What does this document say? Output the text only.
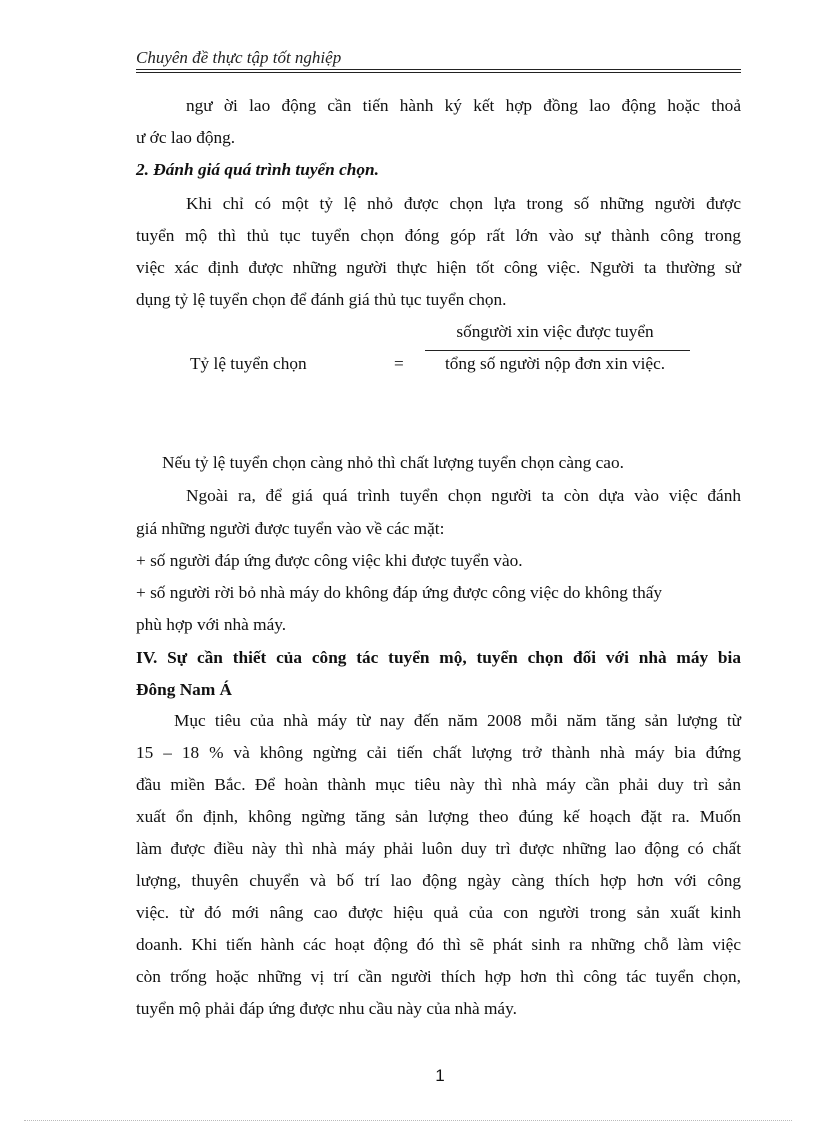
Chuyên đề thực tập tốt nghiệp
ngư ời lao động cần tiến hành ký kết hợp đồng lao động hoặc thoả
ư ớc lao động.
2. Đánh giá quá trình tuyển chọn.
Khi chỉ có một tỷ lệ nhỏ được chọn lựa trong số những người được
tuyển mộ thì thủ tục tuyển chọn đóng góp rất lớn vào sự thành công trong
việc xác định được những người thực hiện tốt công việc. Người ta thường sử
dụng tỷ lệ tuyển chọn để đánh giá thủ tục tuyển chọn.
sốngười xin việc được tuyển
Tỷ lệ tuyển chọn	=	tổng số người nộp đơn xin việc.
Nếu tỷ lệ tuyển chọn càng nhỏ thì chất lượng tuyển chọn càng cao.
Ngoài ra, để giá quá trình tuyển chọn người ta còn dựa vào việc đánh
giá những người được tuyển vào về các mặt:
+ số người đáp ứng được công việc khi được tuyển vào.
+ số người rời bỏ nhà máy do không đáp ứng được công việc do không thấy
phù hợp với nhà máy.
IV. Sự cần thiết của công tác tuyển mộ, tuyển chọn đối với nhà máy bia
Đông Nam Á
Mục tiêu của nhà máy từ nay đến năm 2008 mỗi năm tăng sản lượng từ
15 – 18 % và không ngừng cải tiến chất lượng trở thành nhà máy bia đứng
đầu miền Bắc. Để hoàn thành mục tiêu này thì nhà máy cần phải duy trì sản
xuất ổn định, không ngừng tăng sản lượng theo đúng kế hoạch đặt ra. Muốn
làm được điều này thì nhà máy phải luôn duy trì được những lao động có chất
lượng, thuyên chuyển và bố trí lao động ngày càng thích hợp hơn với công
việc. từ đó mới nâng cao được hiệu quả của con người trong sản xuất kinh
doanh. Khi tiến hành các hoạt động đó thì sẽ phát sinh ra những chỗ làm việc
còn trống hoặc những vị trí cần người thích hợp hơn thì công tác tuyển chọn,
tuyển mộ phải đáp ứng được nhu cầu này của nhà máy.
1
